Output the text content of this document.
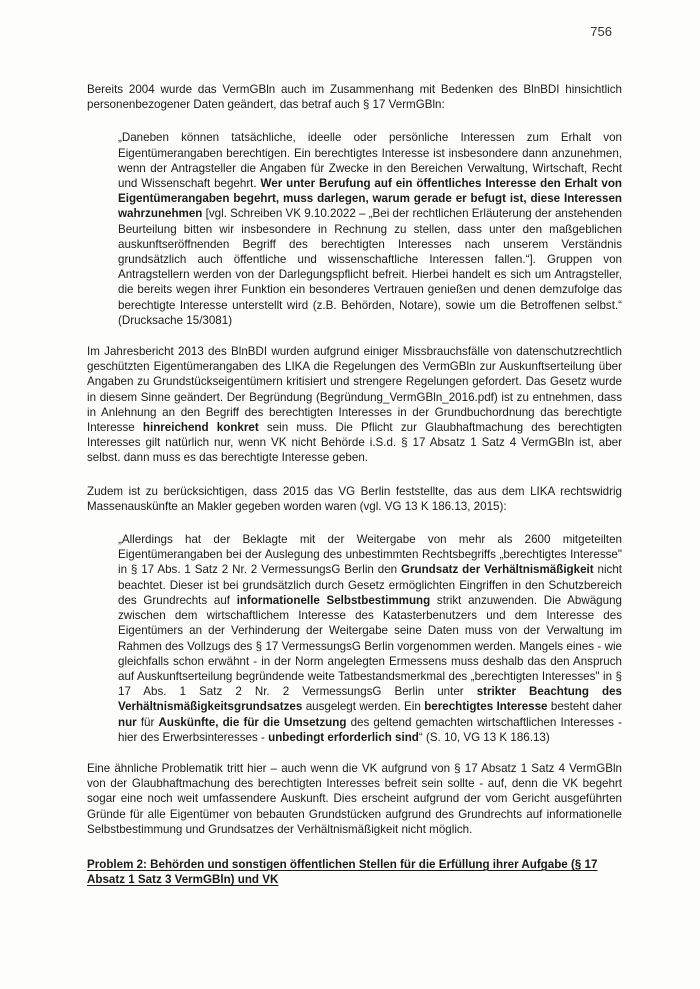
756

Bereits 2004 wurde das VermGBln auch im Zusammenhang mit Bedenken des BlnBDI hinsichtlich personenbezogener Daten geändert, das betraf auch § 17 VermGBln:

„Daneben können tatsächliche, ideelle oder persönliche Interessen zum Erhalt von Eigentümerangaben berechtigen. Ein berechtigtes Interesse ist insbesondere dann anzunehmen, wenn der Antragsteller die Angaben für Zwecke in den Bereichen Verwaltung, Wirtschaft, Recht und Wissenschaft begehrt. Wer unter Berufung auf ein öffentliches Interesse den Erhalt von Eigentümerangaben begehrt, muss darlegen, warum gerade er befugt ist, diese Interessen wahrzunehmen [vgl. Schreiben VK 9.10.2022 – „Bei der rechtlichen Erläuterung der anstehenden Beurteilung bitten wir insbesondere in Rechnung zu stellen, dass unter den maßgeblichen auskunftseröffnenden Begriff des berechtigten Interesses nach unserem Verständnis grundsätzlich auch öffentliche und wissenschaftliche Interessen fallen.“]. Gruppen von Antragstellern werden von der Darlegungspflicht befreit. Hierbei handelt es sich um Antragsteller, die bereits wegen ihrer Funktion ein besonderes Vertrauen genießen und denen demzufolge das berechtigte Interesse unterstellt wird (z.B. Behörden, Notare), sowie um die Betroffenen selbst.“ (Drucksache 15/3081)

Im Jahresbericht 2013 des BlnBDI wurden aufgrund einiger Missbrauchsfälle von datenschutzrechtlich geschützten Eigentümerangaben des LIKA die Regelungen des VermGBln zur Auskunftserteilung über Angaben zu Grundstückseigentümern kritisiert und strengere Regelungen gefordert. Das Gesetz wurde in diesem Sinne geändert. Der Begründung (Begründung_VermGBln_2016.pdf) ist zu entnehmen, dass in Anlehnung an den Begriff des berechtigten Interesses in der Grundbuchordnung das berechtigte Interesse hinreichend konkret sein muss. Die Pflicht zur Glaubhaftmachung des berechtigten Interesses gilt natürlich nur, wenn VK nicht Behörde i.S.d. § 17 Absatz 1 Satz 4 VermGBln ist, aber selbst. dann muss es das berechtigte Interesse geben.

Zudem ist zu berücksichtigen, dass 2015 das VG Berlin feststellte, das aus dem LIKA rechtswidrig Massenauskünfte an Makler gegeben worden waren (vgl. VG 13 K 186.13, 2015):

„Allerdings hat der Beklagte mit der Weitergabe von mehr als 2600 mitgeteilten Eigentümerangaben bei der Auslegung des unbestimmten Rechtsbegriffs „berechtigtes Interesse" in § 17 Abs. 1 Satz 2 Nr. 2 VermessungsG Berlin den Grundsatz der Verhältnismäßigkeit nicht beachtet. Dieser ist bei grundsätzlich durch Gesetz ermöglichten Eingriffen in den Schutzbereich des Grundrechts auf informationelle Selbstbestimmung strikt anzuwenden. Die Abwägung zwischen dem wirtschaftlichem Interesse des Katasterbenutzers und dem Interesse des Eigentümers an der Verhinderung der Weitergabe seine Daten muss von der Verwaltung im Rahmen des Vollzugs des § 17 VermessungsG Berlin vorgenommen werden. Mangels eines - wie gleichfalls schon erwähnt - in der Norm angelegten Ermessens muss deshalb das den Anspruch auf Auskunftserteilung begründende weite Tatbestandsmerkmal des „berechtigten Interesses" in § 17 Abs. 1 Satz 2 Nr. 2 VermessungsG Berlin unter strikter Beachtung des Verhältnismäßigkeitsgrundsatzes ausgelegt werden. Ein berechtigtes Interesse besteht daher nur für Auskünfte, die für die Umsetzung des geltend gemachten wirtschaftlichen Interesses - hier des Erwerbsinteresses - unbedingt erforderlich sind“ (S. 10, VG 13 K 186.13)

Eine ähnliche Problematik tritt hier – auch wenn die VK aufgrund von § 17 Absatz 1 Satz 4 VermGBln von der Glaubhaftmachung des berechtigten Interesses befreit sein sollte - auf, denn die VK begehrt sogar eine noch weit umfassendere Auskunft. Dies erscheint aufgrund der vom Gericht ausgeführten Gründe für alle Eigentümer von bebauten Grundstücken aufgrund des Grundrechts auf informationelle Selbstbestimmung und Grundsatzes der Verhältnismäßigkeit nicht möglich.

Problem 2: Behörden und sonstigen öffentlichen Stellen für die Erfüllung ihrer Aufgabe (§ 17 Absatz 1 Satz 3 VermGBln) und VK
